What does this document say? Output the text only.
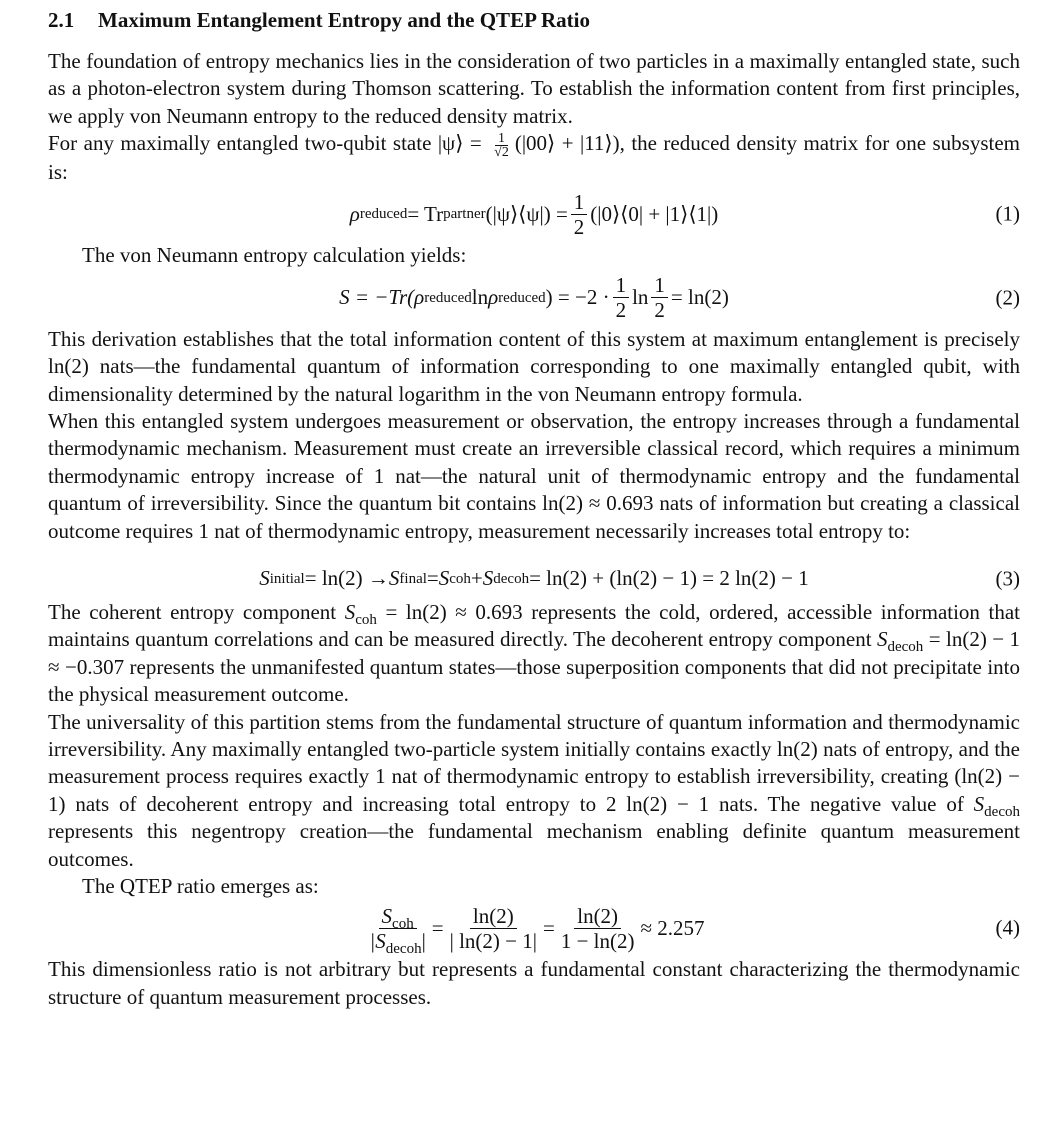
2.1 Maximum Entanglement Entropy and the QTEP Ratio

The foundation of entropy mechanics lies in the consideration of two particles in a maximally entangled state, such as a photon-electron system during Thomson scattering. To establish the information content from first principles, we apply von Neumann entropy to the reduced density matrix.

For any maximally entangled two-qubit state |ψ⟩ = $\frac{1}{√2}$ (|00⟩ + |11⟩), the reduced density matrix for one subsystem is:

ρ reduced = Tr partner (|ψ⟩⟨ψ|) = $\frac{1}{2}$ (|0⟩⟨0| + |1⟩⟨1|)	(1)

The von Neumann entropy calculation yields:

S = −Tr( ρ reduced ln ρ reduced ) = $-2 \cdot \frac{1}{2}$ $\ln \frac{1}{2} = \ln(2)$	(2)

This derivation establishes that the total information content of this system at maximum entanglement is precisely ln(2) nats—the fundamental quantum of information corresponding to one maximally entangled qubit, with dimensionality determined by the natural logarithm in the von Neumann entropy formula.

When this entangled system undergoes measurement or observation, the entropy increases through a fundamental thermodynamic mechanism. Measurement must create an irreversible classical record, which requires a minimum thermodynamic entropy increase of 1 nat—the natural unit of thermodynamic entropy and the fundamental quantum of irreversibility. Since the quantum bit contains ln(2) ≈ 0.693 nats of information but creating a classical outcome requires 1 nat of thermodynamic entropy, measurement necessarily increases total entropy to:

S initial = ln(2) → S final = S coh + S decoh = ln(2) + (ln(2) − 1) = 2 ln(2) − 1	(3)

The coherent entropy component $S_{coh} = \ln(2) \approx 0.693$ represents the cold, ordered, accessible information that maintains quantum correlations and can be measured directly. The decoherent entropy component $S_{decoh} = \ln(2) - 1 \approx -0.307$ represents the unmanifested quantum states—those superposition components that did not precipitate into the physical measurement outcome.

The universality of this partition stems from the fundamental structure of quantum information and thermodynamic irreversibility. Any maximally entangled two-particle system initially contains exactly ln(2) nats of entropy, and the measurement process requires exactly 1 nat of thermodynamic entropy to establish irreversibility, creating (ln(2) − 1) nats of decoherent entropy and increasing total entropy to 2 ln(2) − 1 nats. The negative value of $S_{decoh}$ represents this negentropy creation—the fundamental mechanism enabling definite quantum measurement outcomes.

The QTEP ratio emerges as:

$\frac{S_{coh}}{|S_{decoh}|} = \frac{\ln(2)}{| \ln(2) - 1|} = \frac{\ln(2)}{1 - \ln(2)} \approx 2.257$	(4)

This dimensionless ratio is not arbitrary but represents a fundamental constant characterizing the thermodynamic structure of quantum measurement processes.
